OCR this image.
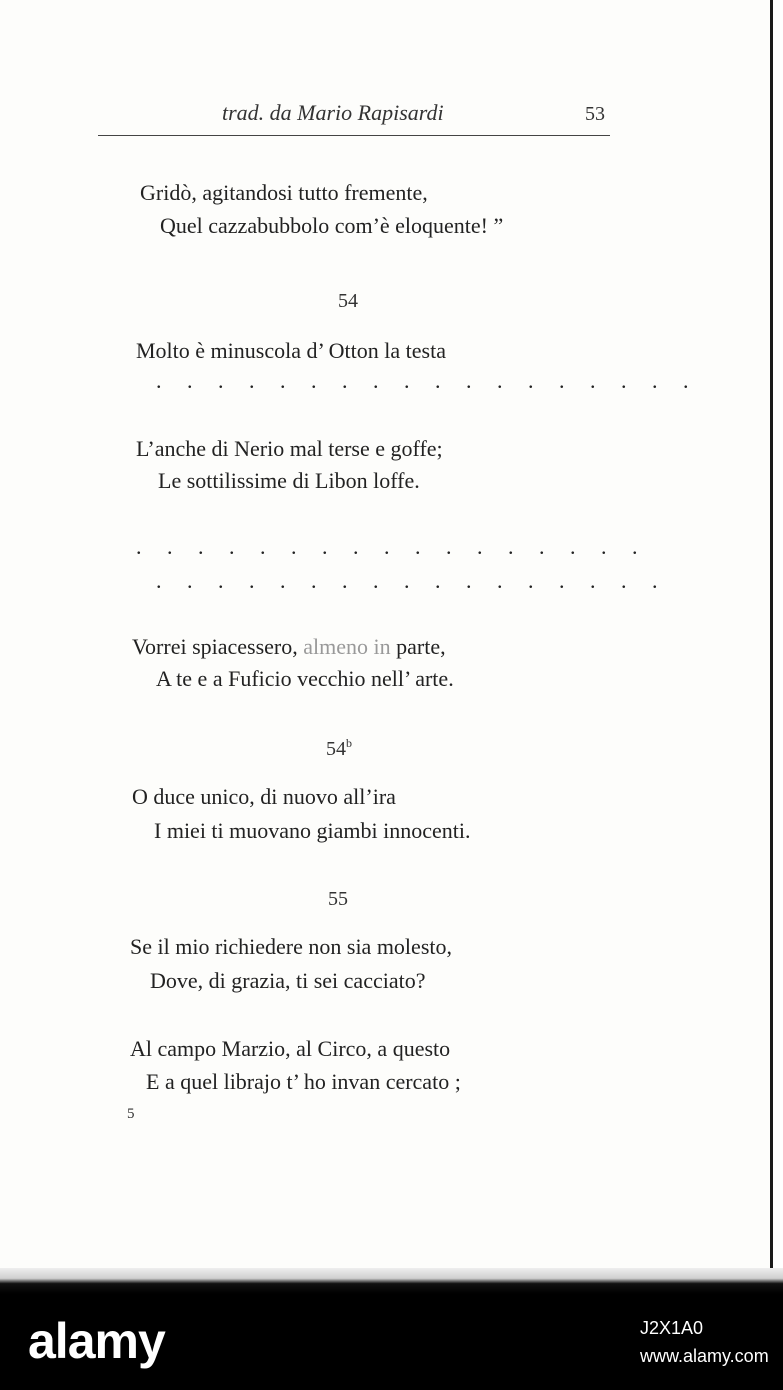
trad. da Mario Rapisardi	53
Gridò, agitandosi tutto fremente,
Quel cazzabubbolo com’è eloquente! ”
54
Molto è minuscola d’ Otton la testa
. . . . . . . . . . . . . . . . . .
L’anche di Nerio mal terse e goffe;
Le sottilissime di Libon loffe.
. . . . . . . . . . . . . . . . .
. . . . . . . . . . . . . . . . .
Vorrei spiacessero, almeno in parte,
A te e a Fuficio vecchio nell’ arte.
54$^b$
O duce unico, di nuovo all’ira
I miei ti muovano giambi innocenti.
55
Se il mio richiedere non sia molesto,
Dove, di grazia, ti sei cacciato?
Al campo Marzio, al Circo, a questo
E a quel librajo t’ ho invan cercato ;
5
alamy	J2X1A0
www.alamy.com
